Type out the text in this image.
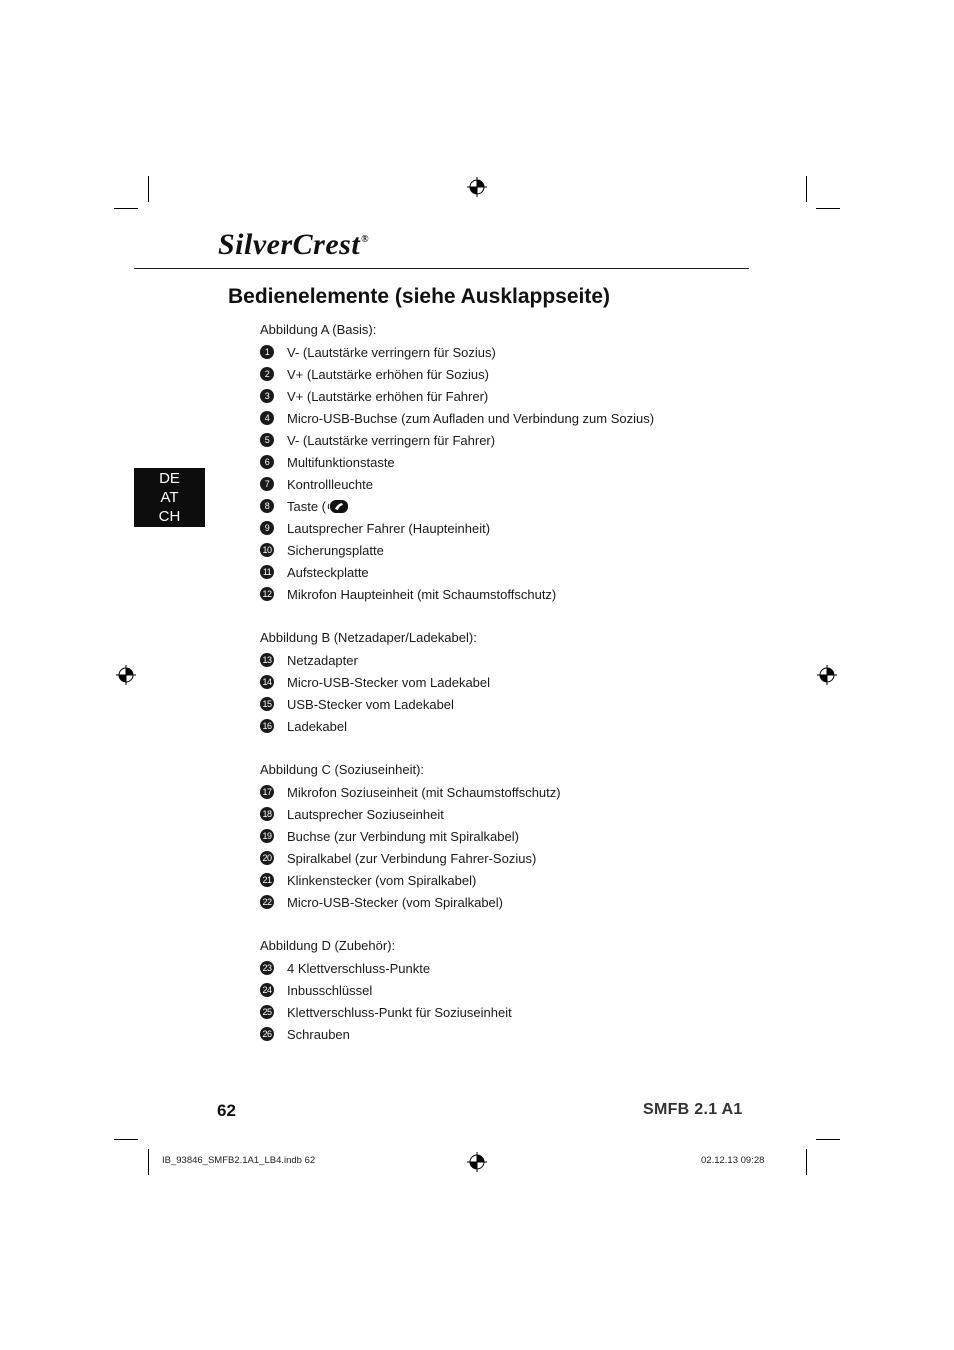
SilverCrest®
Bedienelemente (siehe Ausklappseite)
DE
AT
CH
Abbildung A (Basis):
1	V- (Lautstärke verringern für Sozius)
2	V+ (Lautstärke erhöhen für Sozius)
3	V+ (Lautstärke erhöhen für Fahrer)
4	Micro-USB-Buchse (zum Aufladen und Verbindung zum Sozius)
5	V- (Lautstärke verringern für Fahrer)
6	Multifunktionstaste
7	Kontrollleuchte
8	Taste (
9	Lautsprecher Fahrer (Haupteinheit)
10 Sicherungsplatte
11 Aufsteckplatte
12 Mikrofon Haupteinheit (mit Schaumstoffschutz)
Abbildung B (Netzadaper/Ladekabel):
13 Netzadapter
14 Micro-USB-Stecker vom Ladekabel
15 USB-Stecker vom Ladekabel
16 Ladekabel
Abbildung C (Soziuseinheit):
17 Mikrofon Soziuseinheit (mit Schaumstoffschutz)
18 Lautsprecher Soziuseinheit
19 Buchse (zur Verbindung mit Spiralkabel)
20 Spiralkabel (zur Verbindung Fahrer-Sozius)
21 Klinkenstecker (vom Spiralkabel)
22 Micro-USB-Stecker (vom Spiralkabel)
Abbildung D (Zubehör):
23 4 Klettverschluss-Punkte
24 Inbusschlüssel
25 Klettverschluss-Punkt für Soziuseinheit
26 Schrauben
62	SMFB 2.1 A1
IB_93846_SMFB2.1A1_LB4.indb 62	02.12.13 09:28
